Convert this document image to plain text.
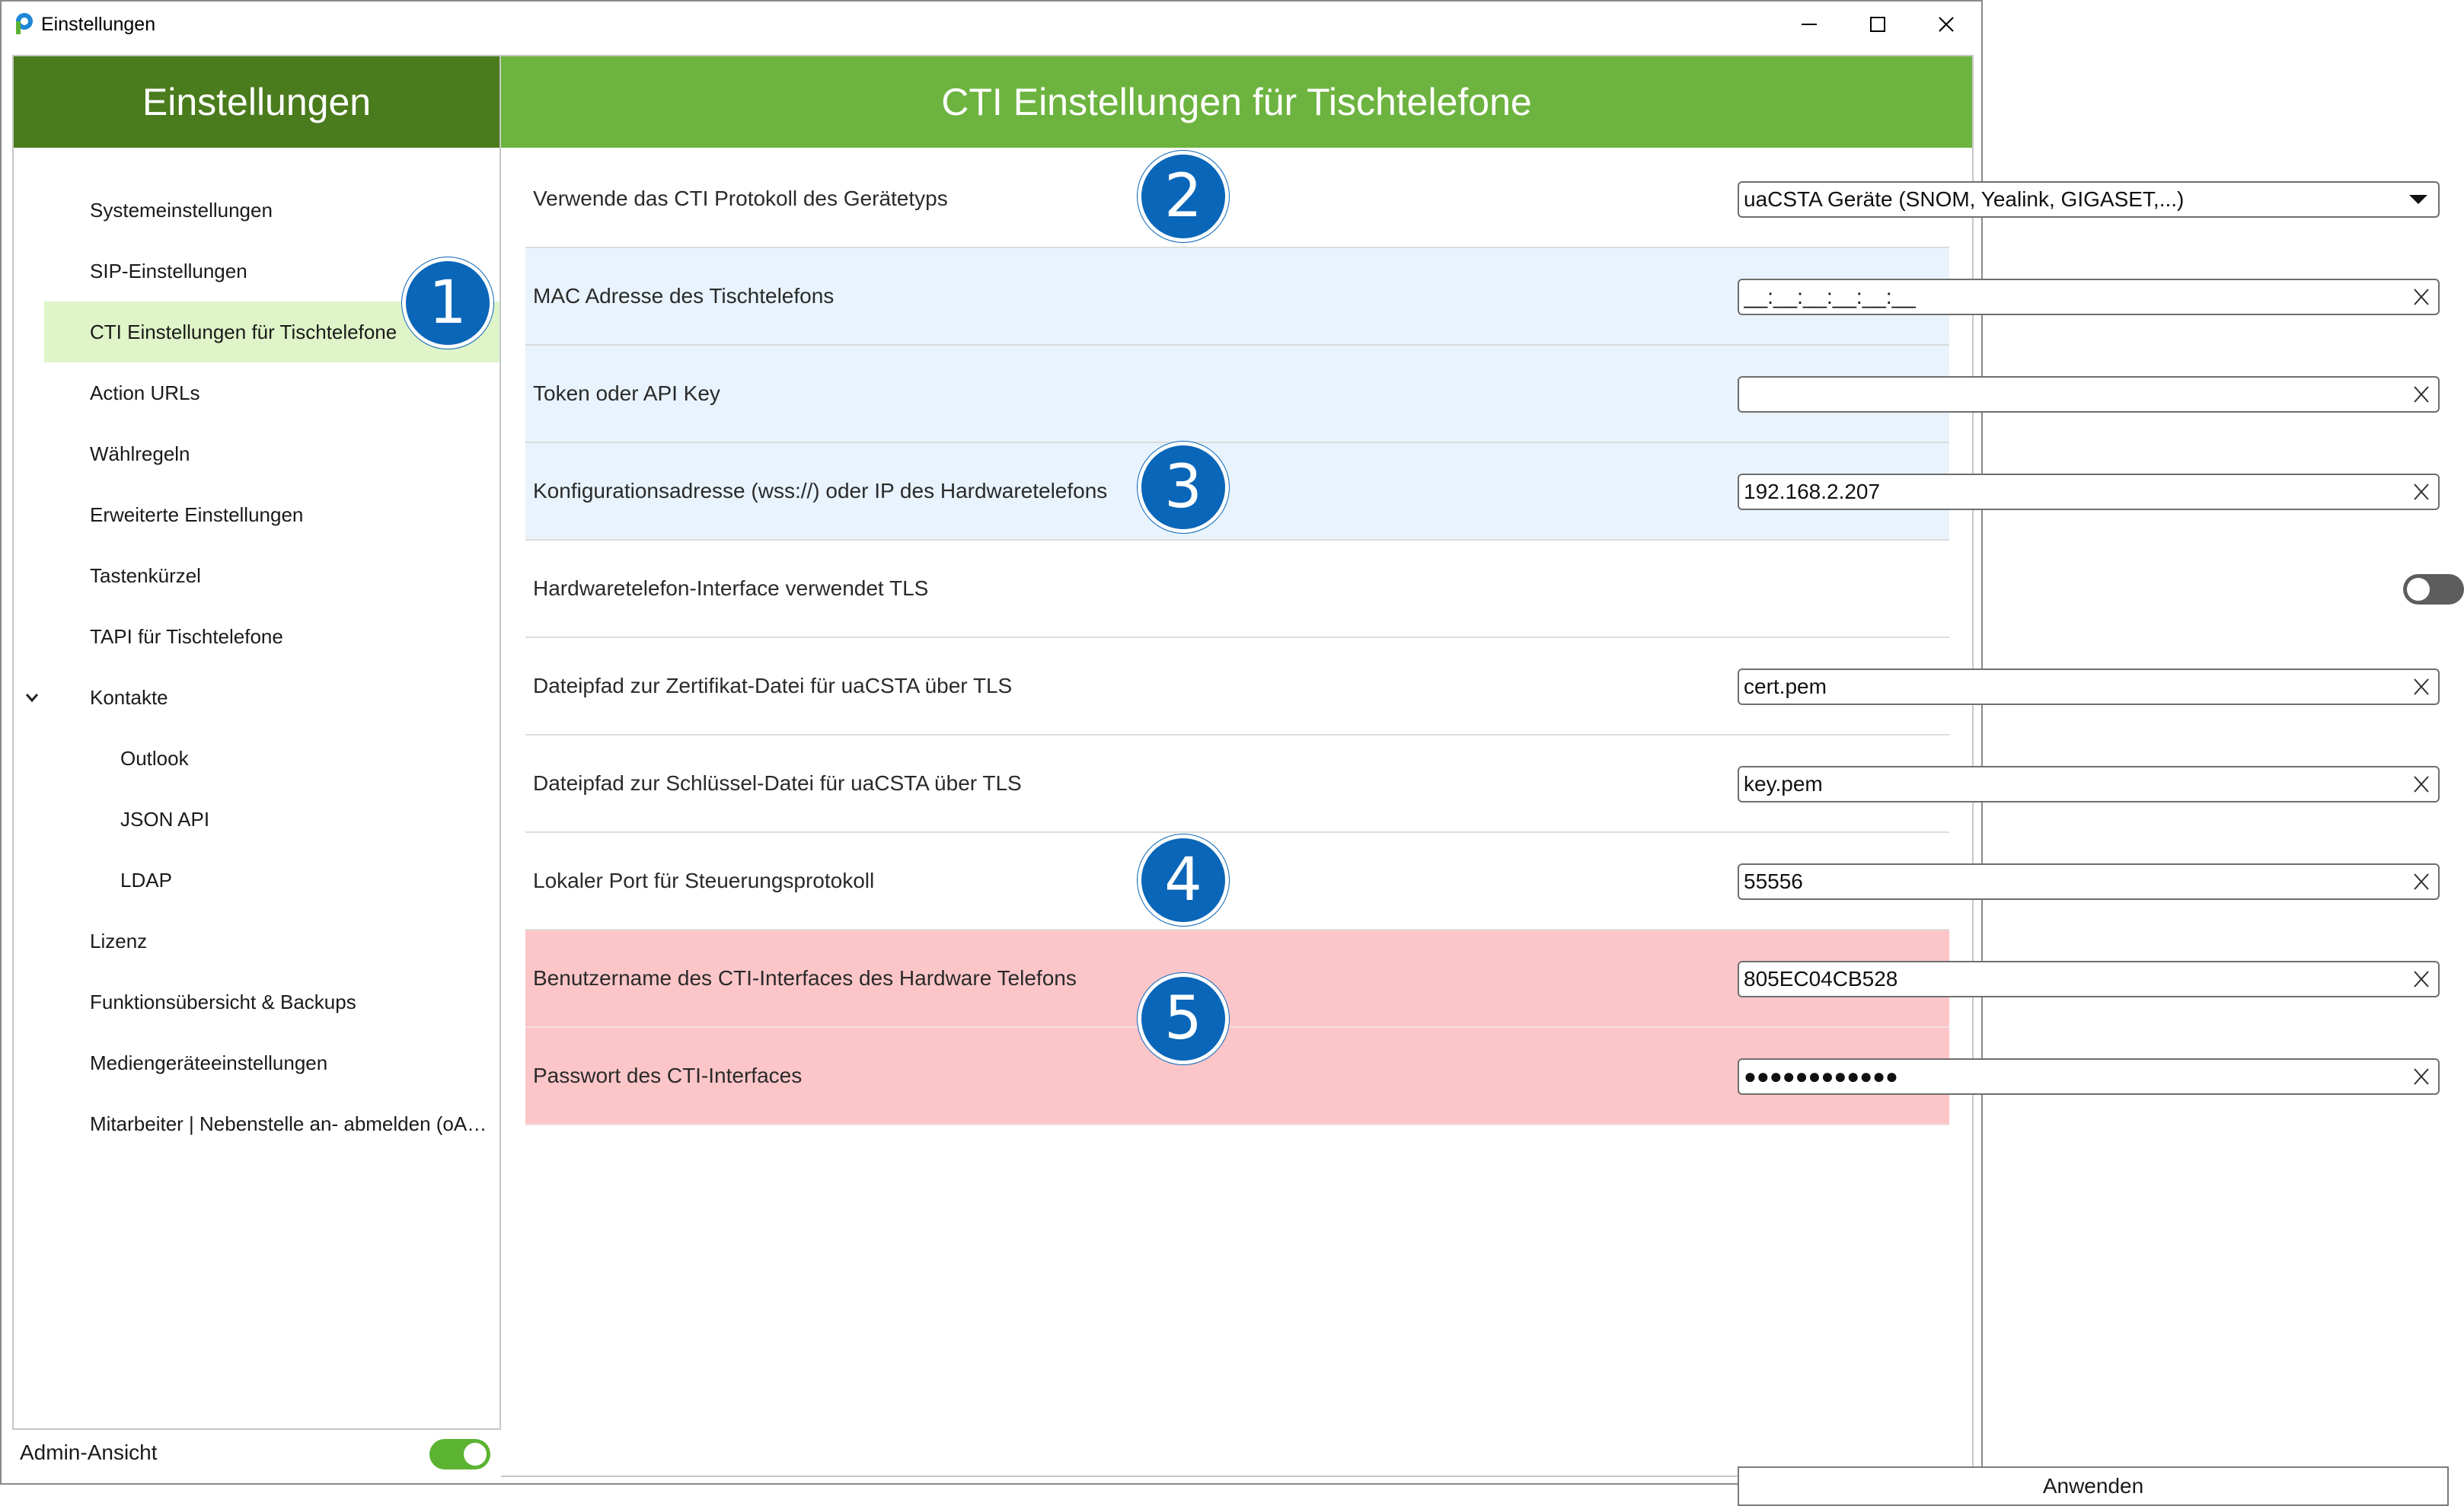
Einstellungen
Einstellungen
Systemeinstellungen
SIP-Einstellungen
CTI Einstellungen für Tischtelefone
Action URLs
Wählregeln
Erweiterte Einstellungen
Tastenkürzel
TAPI für Tischtelefone
Kontakte
Outlook
JSON API
LDAP
Lizenz
Funktionsübersicht & Backups
Mediengeräteeinstellungen
Mitarbeiter | Nebenstelle an- abmelden (oA…
Admin-Ansicht
CTI Einstellungen für Tischtelefone
Verwende das CTI Protokoll des Gerätetyps	uaCSTA Geräte (SNOM, Yealink, GIGASET,...)
MAC Adresse des Tischtelefons
__:__:__:__:__:__
Token oder API Key
Konfigurationsadresse (wss://) oder IP des Hardwaretelefons
192.168.2.207
Hardwaretelefon-Interface verwendet TLS
Dateipfad zur Zertifikat-Datei für uaCSTA über TLS
cert.pem
Dateipfad zur Schlüssel-Datei für uaCSTA über TLS
key.pem
Lokaler Port für Steuerungsprotokoll
55556
Benutzername des CTI-Interfaces des Hardware Telefons
805EC04CB528
Passwort des CTI-Interfaces
●●●●●●●●●●●●
Anwenden
1
2
3
4
5
